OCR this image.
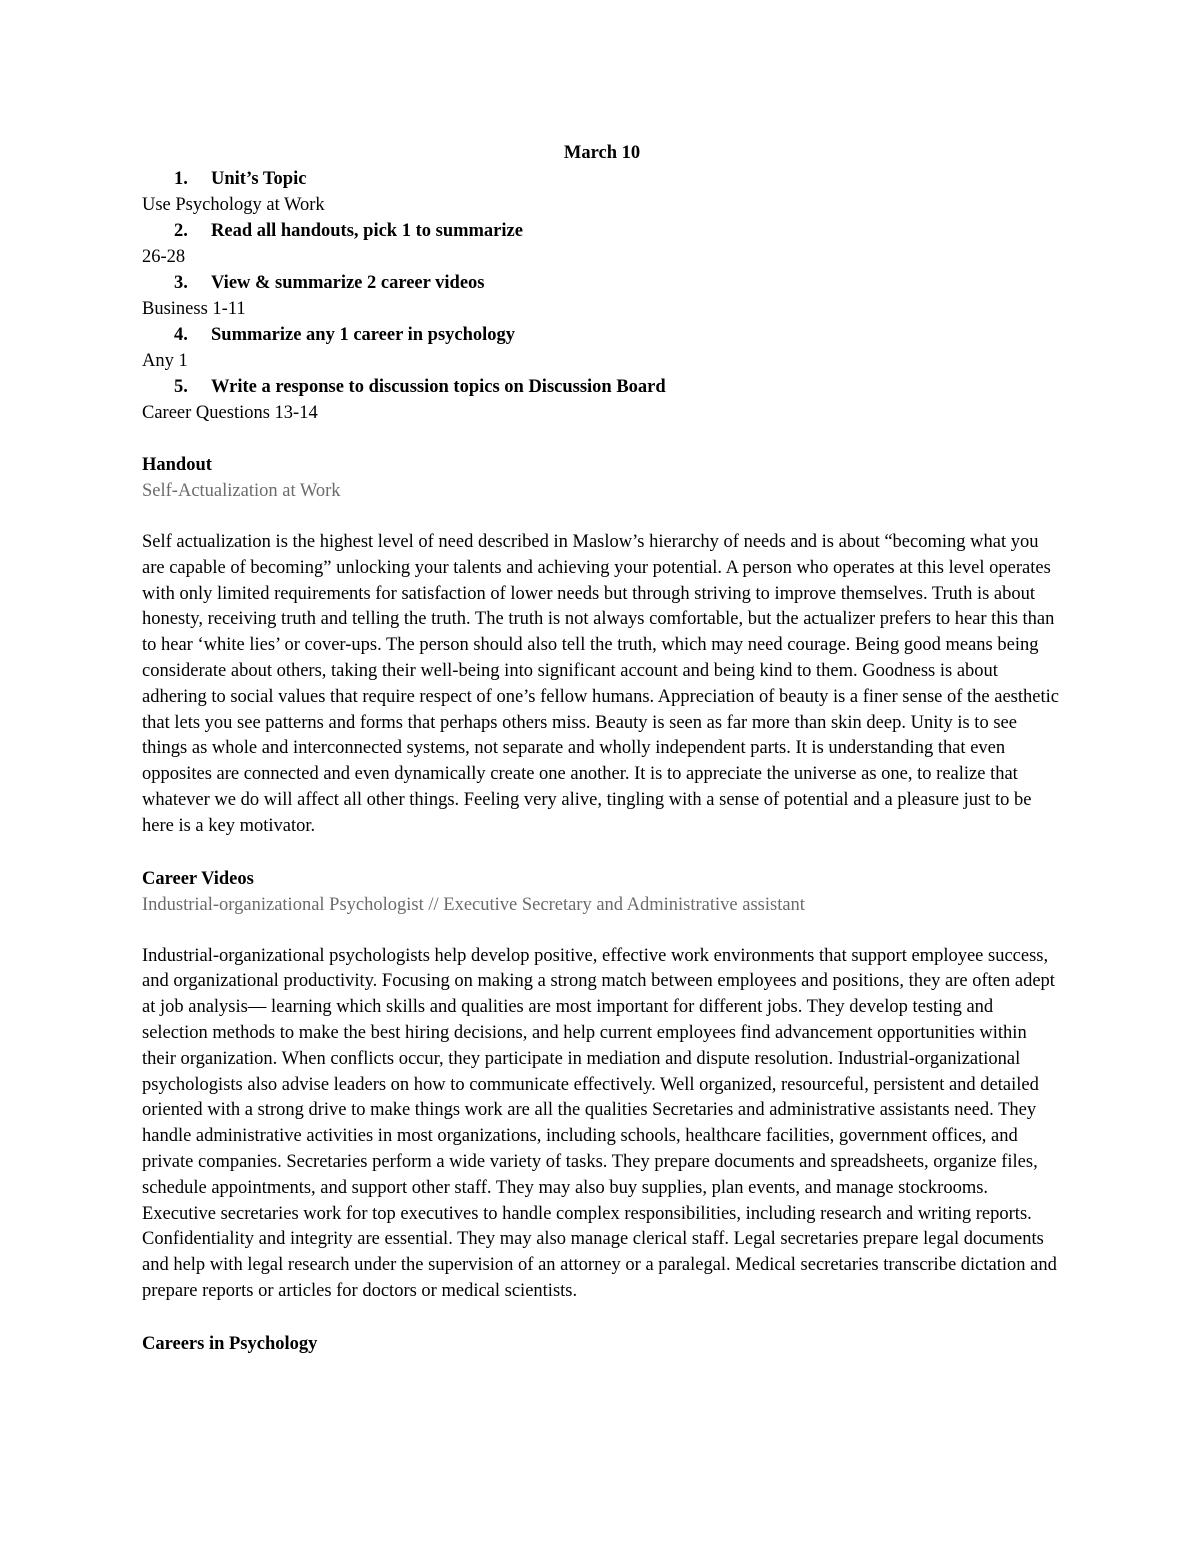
March 10

1.	Unit’s Topic

Use Psychology at Work

2.	Read all handouts, pick 1 to summarize

26-28

3.	View & summarize 2 career videos

Business 1-11

4.	Summarize any 1 career in psychology

Any 1

5.	Write a response to discussion topics on Discussion Board

Career Questions 13-14

Handout

Self-Actualization at Work

Self actualization is the highest level of need described in Maslow’s hierarchy of needs and is about “becoming what you are capable of becoming” unlocking your talents and achieving your potential. A person who operates at this level operates with only limited requirements for satisfaction of lower needs but through striving to improve themselves. Truth is about honesty, receiving truth and telling the truth. The truth is not always comfortable, but the actualizer prefers to hear this than to hear ‘white lies’ or cover-ups. The person should also tell the truth, which may need courage. Being good means being considerate about others, taking their well-being into significant account and being kind to them. Goodness is about adhering to social values that require respect of one’s fellow humans. Appreciation of beauty is a finer sense of the aesthetic that lets you see patterns and forms that perhaps others miss. Beauty is seen as far more than skin deep. Unity is to see things as whole and interconnected systems, not separate and wholly independent parts. It is understanding that even opposites are connected and even dynamically create one another. It is to appreciate the universe as one, to realize that whatever we do will affect all other things. Feeling very alive, tingling with a sense of potential and a pleasure just to be here is a key motivator.

Career Videos

Industrial-organizational Psychologist // Executive Secretary and Administrative assistant

Industrial-organizational psychologists help develop positive, effective work environments that support employee success, and organizational productivity. Focusing on making a strong match between employees and positions, they are often adept at job analysis— learning which skills and qualities are most important for different jobs. They develop testing and selection methods to make the best hiring decisions, and help current employees find advancement opportunities within their organization. When conflicts occur, they participate in mediation and dispute resolution. Industrial-organizational psychologists also advise leaders on how to communicate effectively. Well organized, resourceful, persistent and detailed oriented with a strong drive to make things work are all the qualities Secretaries and administrative assistants need. They handle administrative activities in most organizations, including schools, healthcare facilities, government offices, and private companies. Secretaries perform a wide variety of tasks. They prepare documents and spreadsheets, organize files, schedule appointments, and support other staff. They may also buy supplies, plan events, and manage stockrooms. Executive secretaries work for top executives to handle complex responsibilities, including research and writing reports. Confidentiality and integrity are essential. They may also manage clerical staff. Legal secretaries prepare legal documents and help with legal research under the supervision of an attorney or a paralegal. Medical secretaries transcribe dictation and prepare reports or articles for doctors or medical scientists.

Careers in Psychology
